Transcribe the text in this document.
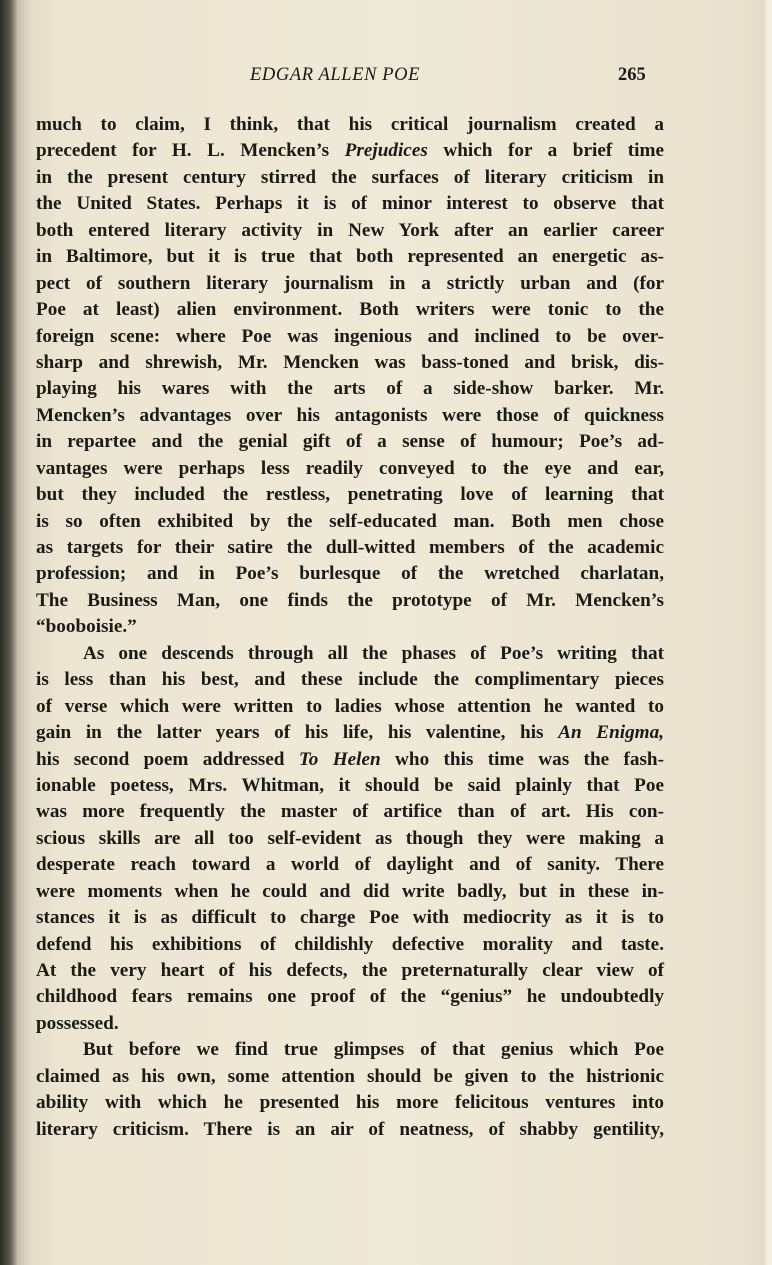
EDGAR ALLEN POE	265
much to claim, I think, that his critical journalism created a
precedent for H. L. Mencken’s Prejudices which for a brief time
in the present century stirred the surfaces of literary criticism in
the United States. Perhaps it is of minor interest to observe that
both entered literary activity in New York after an earlier career
in Baltimore, but it is true that both represented an energetic as-
pect of southern literary journalism in a strictly urban and (for
Poe at least) alien environment. Both writers were tonic to the
foreign scene: where Poe was ingenious and inclined to be over-
sharp and shrewish, Mr. Mencken was bass-toned and brisk, dis-
playing his wares with the arts of a side-show barker. Mr.
Mencken’s advantages over his antagonists were those of quickness
in repartee and the genial gift of a sense of humour; Poe’s ad-
vantages were perhaps less readily conveyed to the eye and ear,
but they included the restless, penetrating love of learning that
is so often exhibited by the self-educated man. Both men chose
as targets for their satire the dull-witted members of the academic
profession; and in Poe’s burlesque of the wretched charlatan,
The Business Man, one finds the prototype of Mr. Mencken’s
“booboisie.”
As one descends through all the phases of Poe’s writing that
is less than his best, and these include the complimentary pieces
of verse which were written to ladies whose attention he wanted to
gain in the latter years of his life, his valentine, his An Enigma,
his second poem addressed To Helen who this time was the fash-
ionable poetess, Mrs. Whitman, it should be said plainly that Poe
was more frequently the master of artifice than of art. His con-
scious skills are all too self-evident as though they were making a
desperate reach toward a world of daylight and of sanity. There
were moments when he could and did write badly, but in these in-
stances it is as difficult to charge Poe with mediocrity as it is to
defend his exhibitions of childishly defective morality and taste.
At the very heart of his defects, the preternaturally clear view of
childhood fears remains one proof of the “genius” he undoubtedly
possessed.
But before we find true glimpses of that genius which Poe
claimed as his own, some attention should be given to the histrionic
ability with which he presented his more felicitous ventures into
literary criticism. There is an air of neatness, of shabby gentility,
